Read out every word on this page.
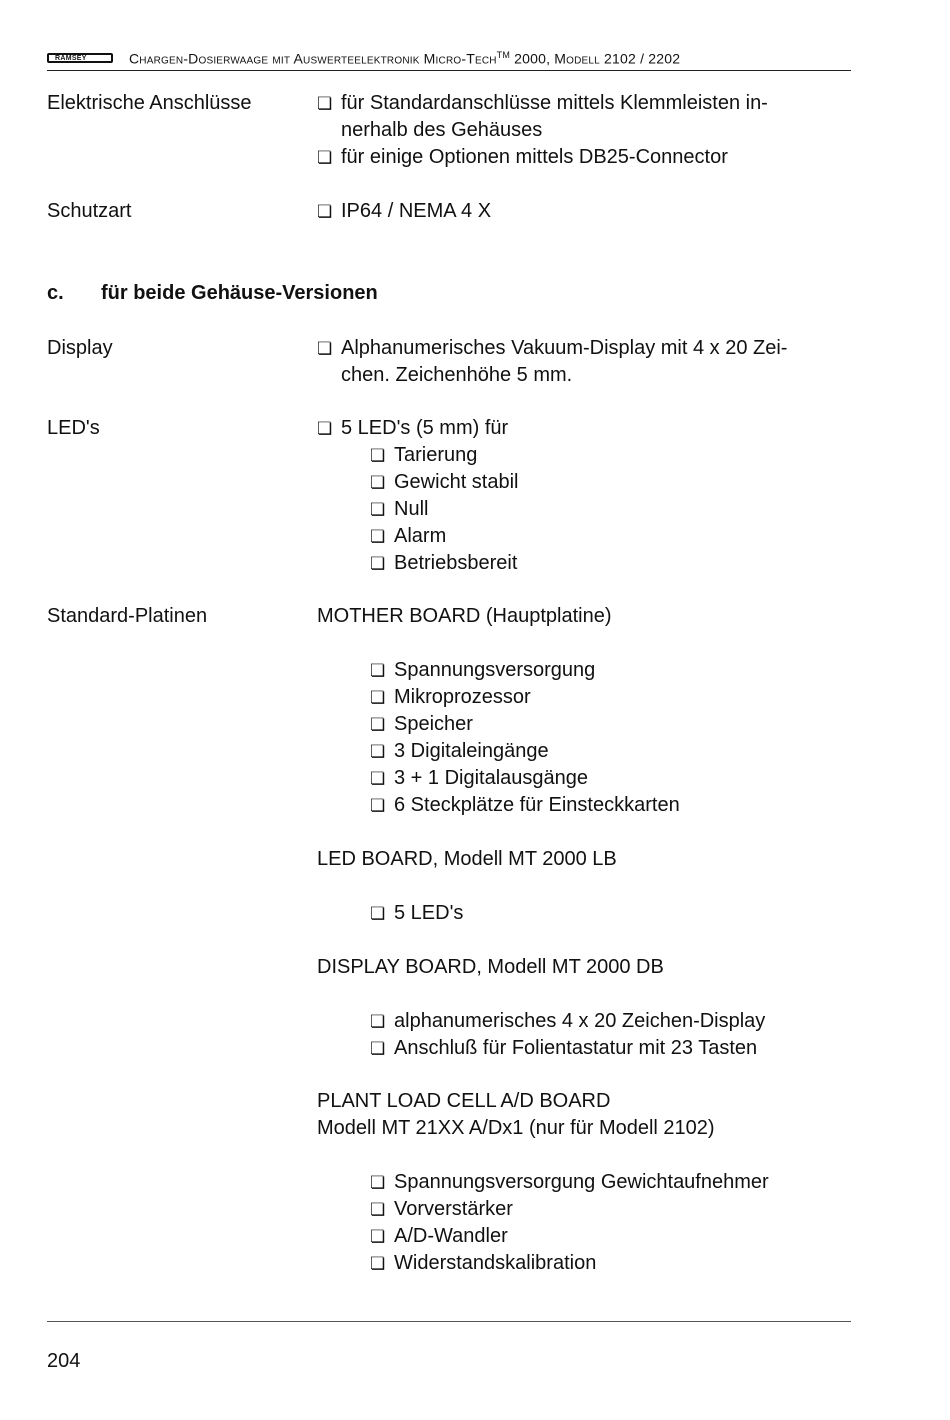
RAMSEY	Chargen-Dosierwaage mit Auswerteelektronik Micro-Tech™ 2000, Modell 2102 / 2202
Elektrische Anschlüsse	❏ für Standardanschlüsse mittels Klemmleisten in-
nerhalb des Gehäuses
❏ für einige Optionen mittels DB25-Connector
Schutzart	❏ IP64 / NEMA 4 X
c. für beide Gehäuse-Versionen
Display	❏ Alphanumerisches Vakuum-Display mit 4 x 20 Zei-
chen. Zeichenhöhe 5 mm.
LED's	❏ 5 LED's (5 mm) für
❏ Tarierung
❏ Gewicht stabil
❏ Null
❏ Alarm
❏ Betriebsbereit
Standard-Platinen	MOTHER BOARD (Hauptplatine)
❏ Spannungsversorgung
❏ Mikroprozessor
❏ Speicher
❏ 3 Digitaleingänge
❏ 3 + 1 Digitalausgänge
❏ 6 Steckplätze für Einsteckkarten
LED BOARD, Modell MT 2000 LB
❏ 5 LED's
DISPLAY BOARD, Modell MT 2000 DB
❏ alphanumerisches 4 x 20 Zeichen-Display
❏ Anschluß für Folientastatur mit 23 Tasten
PLANT LOAD CELL A/D BOARD
Modell MT 21XX A/Dx1 (nur für Modell 2102)
❏ Spannungsversorgung Gewichtaufnehmer
❏ Vorverstärker
❏ A/D-Wandler
❏ Widerstandskalibration
204
